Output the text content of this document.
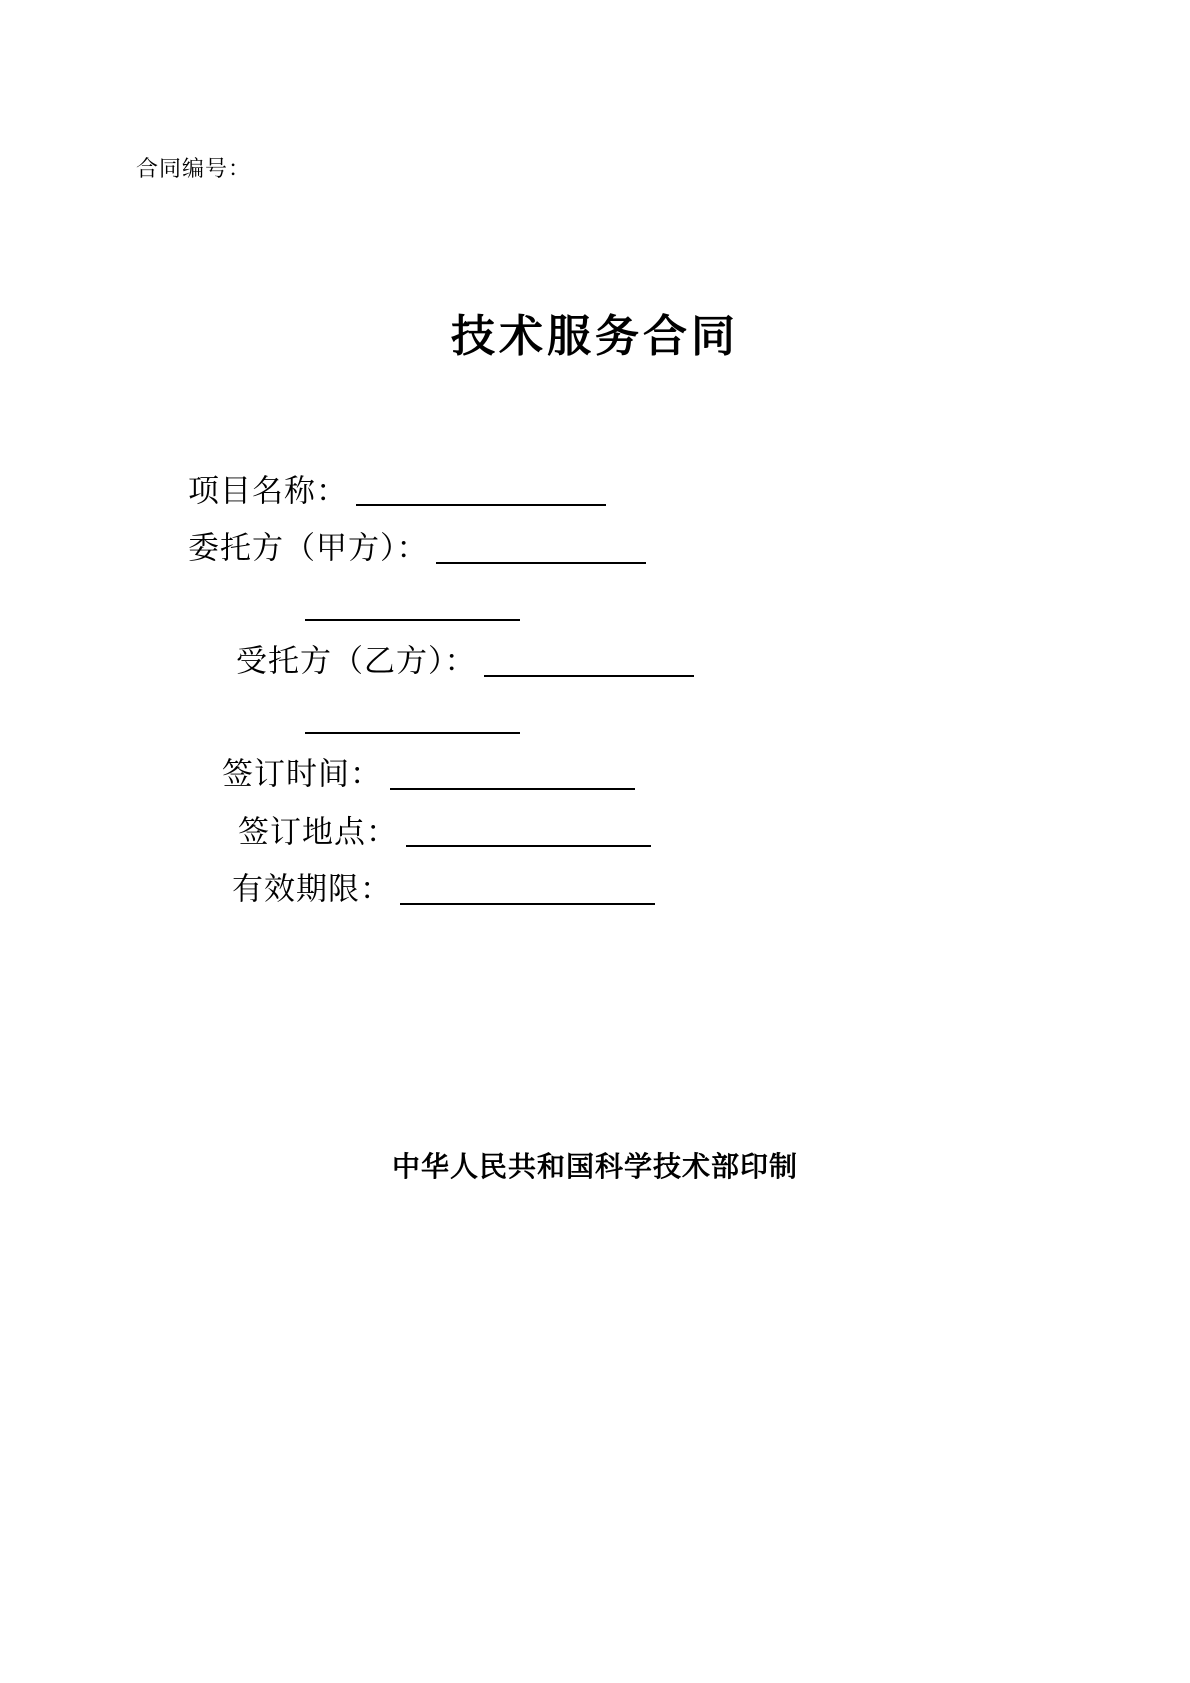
合同编号：
技术服务合同
项目名称：
委托方（甲方）：
受托方（乙方）：
签订时间：
签订地点：
有效期限：
中华人民共和国科学技术部印制
